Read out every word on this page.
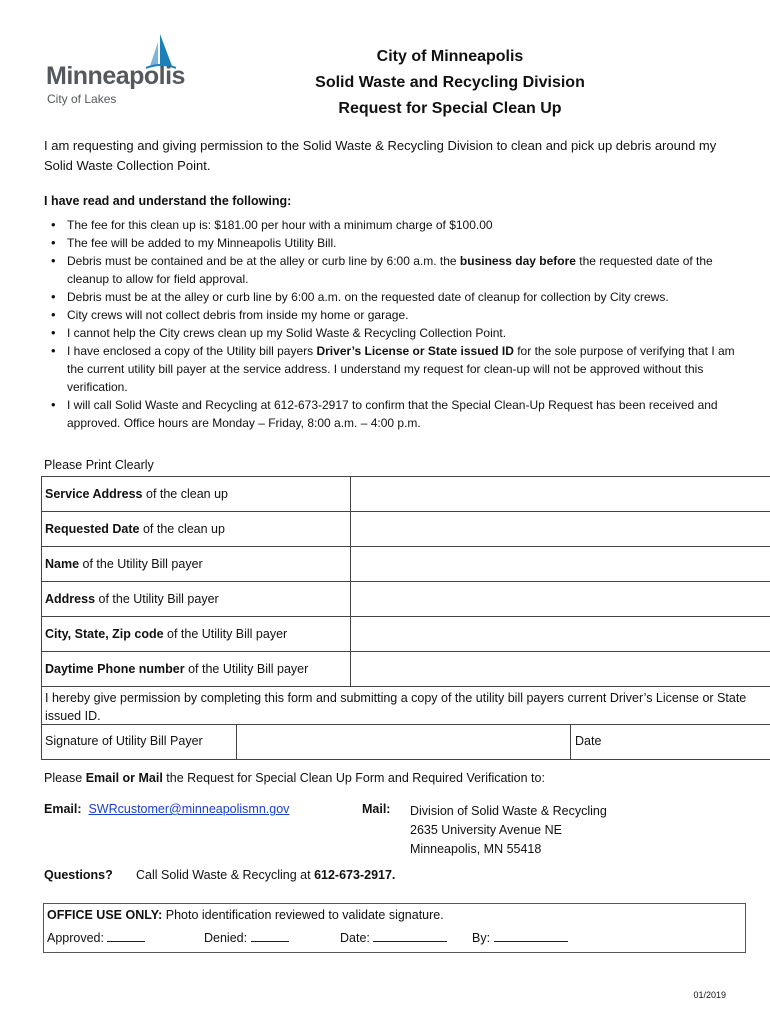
Minneapolis
City of Lakes
City of Minneapolis
Solid Waste and Recycling Division
Request for Special Clean Up
I am requesting and giving permission to the Solid Waste & Recycling Division to clean and pick up debris around my Solid Waste Collection Point.
I have read and understand the following:
• The fee for this clean up is: $181.00 per hour with a minimum charge of $100.00
• The fee will be added to my Minneapolis Utility Bill.
• Debris must be contained and be at the alley or curb line by 6:00 a.m. the business day before the requested date of the cleanup to allow for field approval.
• Debris must be at the alley or curb line by 6:00 a.m. on the requested date of cleanup for collection by City crews.
• City crews will not collect debris from inside my home or garage.
• I cannot help the City crews clean up my Solid Waste & Recycling Collection Point.
• I have enclosed a copy of the Utility bill payers Driver’s License or State issued ID for the sole purpose of verifying that I am the current utility bill payer at the service address. I understand my request for clean-up will not be approved without this verification.
• I will call Solid Waste and Recycling at 612-673-2917 to confirm that the Special Clean-Up Request has been received and approved. Office hours are Monday – Friday, 8:00 a.m. – 4:00 p.m.
Please Print Clearly
Service Address of the clean up
Requested Date of the clean up
Name of the Utility Bill payer
Address of the Utility Bill payer
City, State, Zip code of the Utility Bill payer
Daytime Phone number of the Utility Bill payer
I hereby give permission by completing this form and submitting a copy of the utility bill payers current Driver’s License or State issued ID.
Signature of Utility Bill Payer	Date
Please Email or Mail the Request for Special Clean Up Form and Required Verification to:
Email: SWRcustomer@minneapolismn.gov	Mail: Division of Solid Waste & Recycling
2635 University Avenue NE
Minneapolis, MN 55418
Questions? Call Solid Waste & Recycling at 612-673-2917.
OFFICE USE ONLY: Photo identification reviewed to validate signature.
Approved:	Denied:	Date:	By:
01/2019
